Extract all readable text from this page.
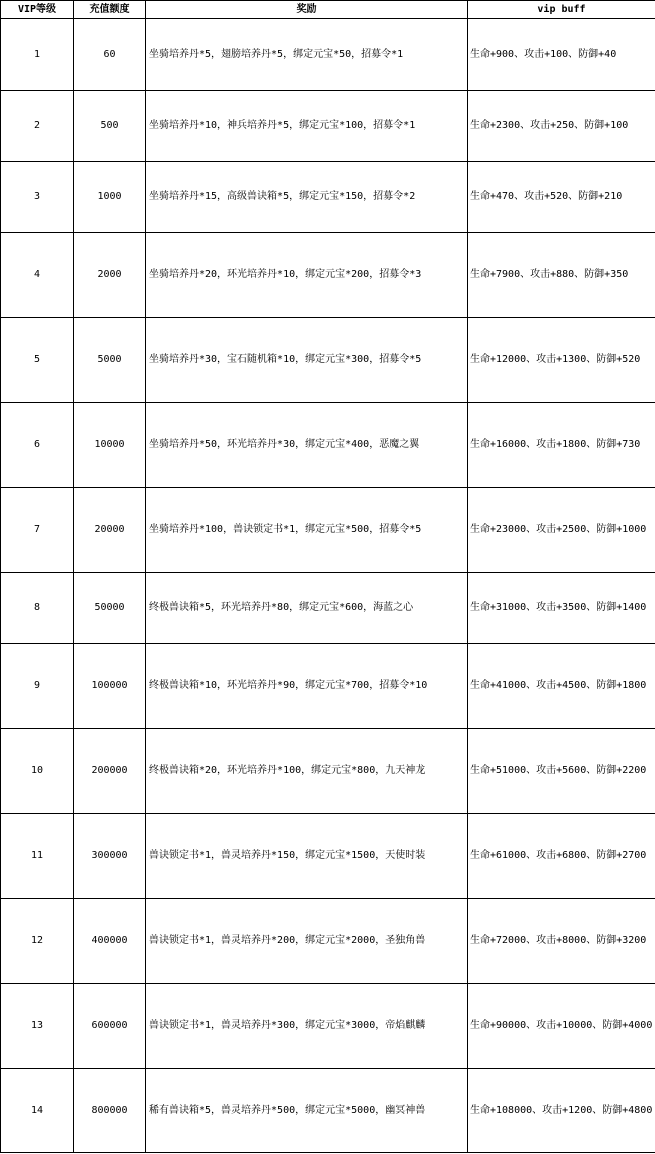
VIP等级	充值额度	奖励	vip buff
1	60	坐骑培养丹*5，翅膀培养丹*5，绑定元宝*50，招募令*1	生命+900、攻击+100、防御+40
2	500	坐骑培养丹*10，神兵培养丹*5，绑定元宝*100，招募令*1	生命+2300、攻击+250、防御+100
3	1000	坐骑培养丹*15，高级兽诀箱*5，绑定元宝*150，招募令*2	生命+470、攻击+520、防御+210
4	2000	坐骑培养丹*20，环光培养丹*10，绑定元宝*200，招募令*3	生命+7900、攻击+880、防御+350
5	5000	坐骑培养丹*30，宝石随机箱*10，绑定元宝*300，招募令*5	生命+12000、攻击+1300、防御+520
6	10000	坐骑培养丹*50，环光培养丹*30，绑定元宝*400，恶魔之翼	生命+16000、攻击+1800、防御+730
7	20000	坐骑培养丹*100，兽诀锁定书*1，绑定元宝*500，招募令*5	生命+23000、攻击+2500、防御+1000
8	50000	终极兽诀箱*5，环光培养丹*80，绑定元宝*600，海蓝之心	生命+31000、攻击+3500、防御+1400
9	100000	终极兽诀箱*10，环光培养丹*90，绑定元宝*700，招募令*10	生命+41000、攻击+4500、防御+1800
10	200000	终极兽诀箱*20，环光培养丹*100，绑定元宝*800，九天神龙	生命+51000、攻击+5600、防御+2200
11	300000	兽诀锁定书*1，兽灵培养丹*150，绑定元宝*1500，天使时装	生命+61000、攻击+6800、防御+2700
12	400000	兽诀锁定书*1，兽灵培养丹*200，绑定元宝*2000，圣独角兽	生命+72000、攻击+8000、防御+3200
13	600000	兽诀锁定书*1，兽灵培养丹*300，绑定元宝*3000，帝焰麒麟	生命+90000、攻击+10000、防御+4000
14	800000	稀有兽诀箱*5，兽灵培养丹*500，绑定元宝*5000，幽冥神兽	生命+108000、攻击+1200、防御+4800
